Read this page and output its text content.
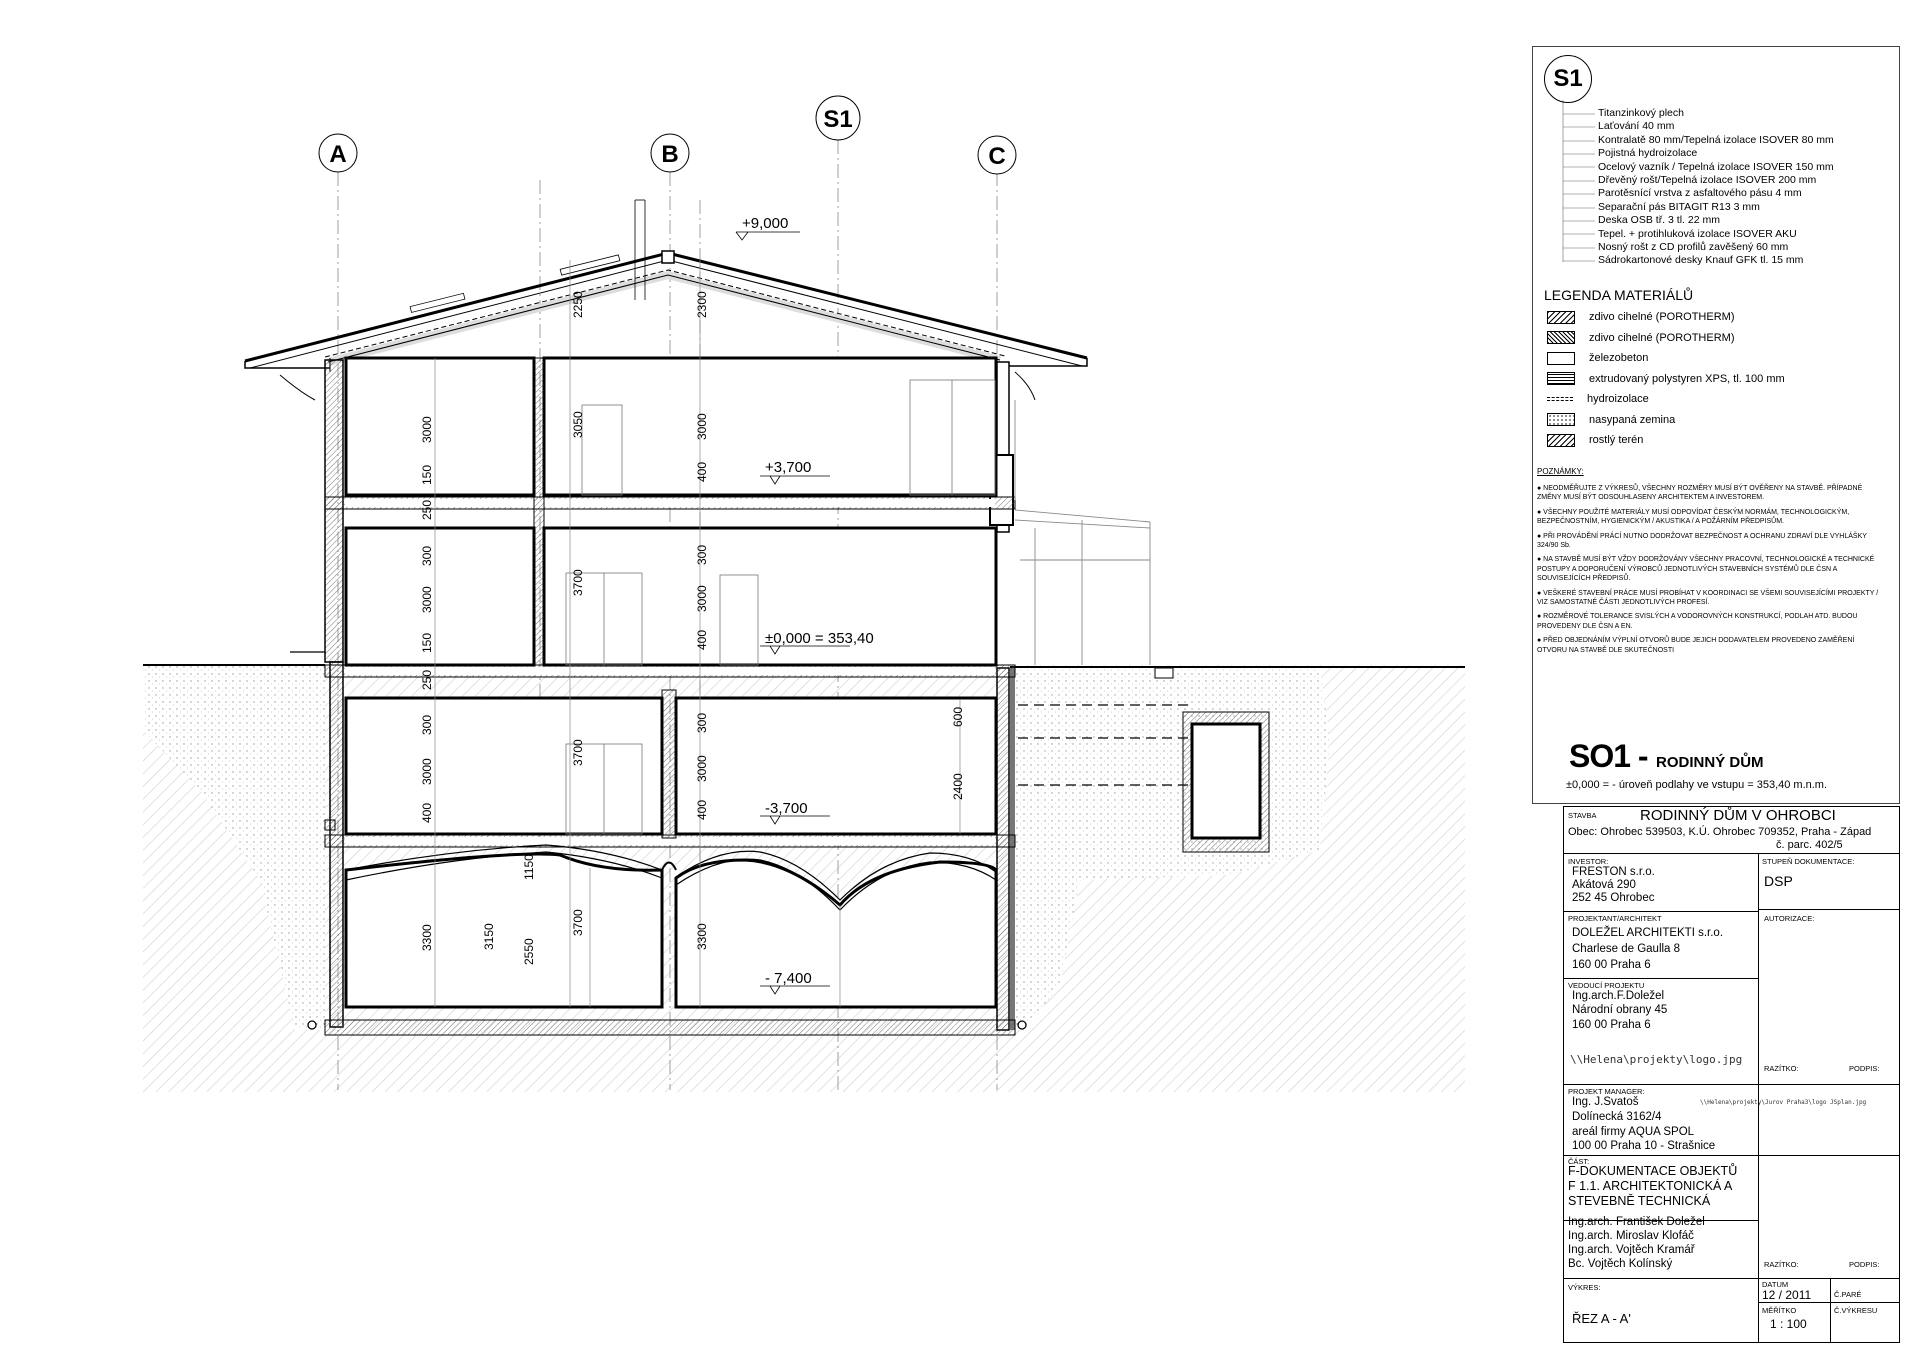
A	B
S1
C
+9,000
+3,700
±0,000 = 353,40
-3,700
- 7,400
3000
150
250
300
3000
150
250
300
3000
400
3300	3150
2550
2250
3050
3700
3700
1150
3700
2300
3000
400
300
3000
400
300
3000
400
3300
600
2400
S1
Titanzinkový plech
Laťování 40 mm
Kontralatě 80 mm/Tepelná izolace ISOVER 80 mm
Pojistná hydroizolace
Ocelový vazník / Tepelná izolace ISOVER 150 mm
Dřevěný rošt/Tepelná izolace ISOVER 200 mm
Parotěsnící vrstva z asfaltového pásu 4 mm
Separační pás BITAGIT R13 3 mm
Deska OSB tř. 3 tl. 22 mm
Tepel. + protihluková izolace ISOVER AKU
Nosný rošt z CD profilů zavěšený 60 mm
Sádrokartonové desky Knauf GFK tl. 15 mm
LEGENDA MATERIÁLŮ
zdivo cihelné (POROTHERM)
zdivo cihelné (POROTHERM)
železobeton
extrudovaný polystyren XPS, tl. 100 mm
hydroizolace
nasypaná zemina
rostlý terén
POZNÁMKY:
● NEODMĚŘUJTE Z VÝKRESŮ, VŠECHNY ROZMĚRY MUSÍ BÝT OVĚŘENY NA STAVBĚ. PŘÍPADNÉ ZMĚNY MUSÍ BÝT ODSOUHLASENY ARCHITEKTEM A INVESTOREM.
● VŠECHNY POUŽITÉ MATERIÁLY MUSÍ ODPOVÍDAT ČESKÝM NORMÁM, TECHNOLOGICKÝM, BEZPEČNOSTNÍM, HYGIENICKÝM / AKUSTIKA / A POŽÁRNÍM PŘEDPISŮM.
● PŘI PROVÁDĚNÍ PRÁCÍ NUTNO DODRŽOVAT BEZPEČNOST A OCHRANU ZDRAVÍ DLE VYHLÁŠKY 324/90 Sb.
● NA STAVBĚ MUSÍ BÝT VŽDY DODRŽOVÁNY VŠECHNY PRACOVNÍ, TECHNOLOGICKÉ A TECHNICKÉ POSTUPY A DOPORUČENÍ VÝROBCŮ JEDNOTLIVÝCH STAVEBNÍCH SYSTÉMŮ DLE ČSN A SOUVISEJÍCÍCH PŘEDPISŮ.
● VEŠKERÉ STAVEBNÍ PRÁCE MUSÍ PROBÍHAT V KOORDINACI SE VŠEMI SOUVISEJÍCÍMI PROJEKTY / VIZ SAMOSTATNÉ ČÁSTI JEDNOTLIVÝCH PROFESÍ.
● ROZMĚROVÉ TOLERANCE SVISLÝCH A VODOROVNÝCH KONSTRUKCÍ, PODLAH ATD. BUDOU PROVEDENY DLE ČSN A EN.
● PŘED OBJEDNÁNÍM VÝPLNÍ OTVORŮ BUDE JEJICH DODAVATELEM PROVEDENO ZAMĚŘENÍ OTVORU NA STAVBĚ DLE SKUTEČNOSTI
SO1 - RODINNÝ DŮM
±0,000 = - úroveň podlahy ve vstupu = 353,40 m.n.m.
STAVBA	RODINNÝ DŮM V OHROBCI
Obec: Ohrobec 539503, K.Ú. Ohrobec 709352, Praha - Západ
č. parc. 402/5
INVESTOR:
FRESTON s.r.o.
Akátová 290
252 45 Ohrobec
STUPEŇ DOKUMENTACE:
DSP
PROJEKTANT/ARCHITEKT
DOLEŽEL ARCHITEKTI s.r.o.
Charlese de Gaulla 8
160 00 Praha 6
AUTORIZACE:
VEDOUCÍ PROJEKTU
Ing.arch.F.Doležel
Národní obrany 45
160 00 Praha 6
\\Helena\projekty\logo.jpg
RAZÍTKO:	PODPIS:
PROJEKT MANAGER:
Ing. J.Svatoš
Dolínecká 3162/4
areál firmy AQUA SPOL
100 00 Praha 10 - Strašnice
\\Helena\projekty\Jurov Praha3\logo JSplan.jpg
ČÁST:
F-DOKUMENTACE OBJEKTŮ
F 1.1. ARCHITEKTONICKÁ A
STEVEBNĚ TECHNICKÁ
Ing.arch. František Doležel
Ing.arch. Miroslav Klofáč
Ing.arch. Vojtěch Kramář
Bc. Vojtěch Kolínský	RAZÍTKO:	PODPIS:
VÝKRES:
ŘEZ A - A'
DATUM
12 / 2011	Č.PARÉ
MĚŘÍTKO
1 : 100
Č.VÝKRESU
